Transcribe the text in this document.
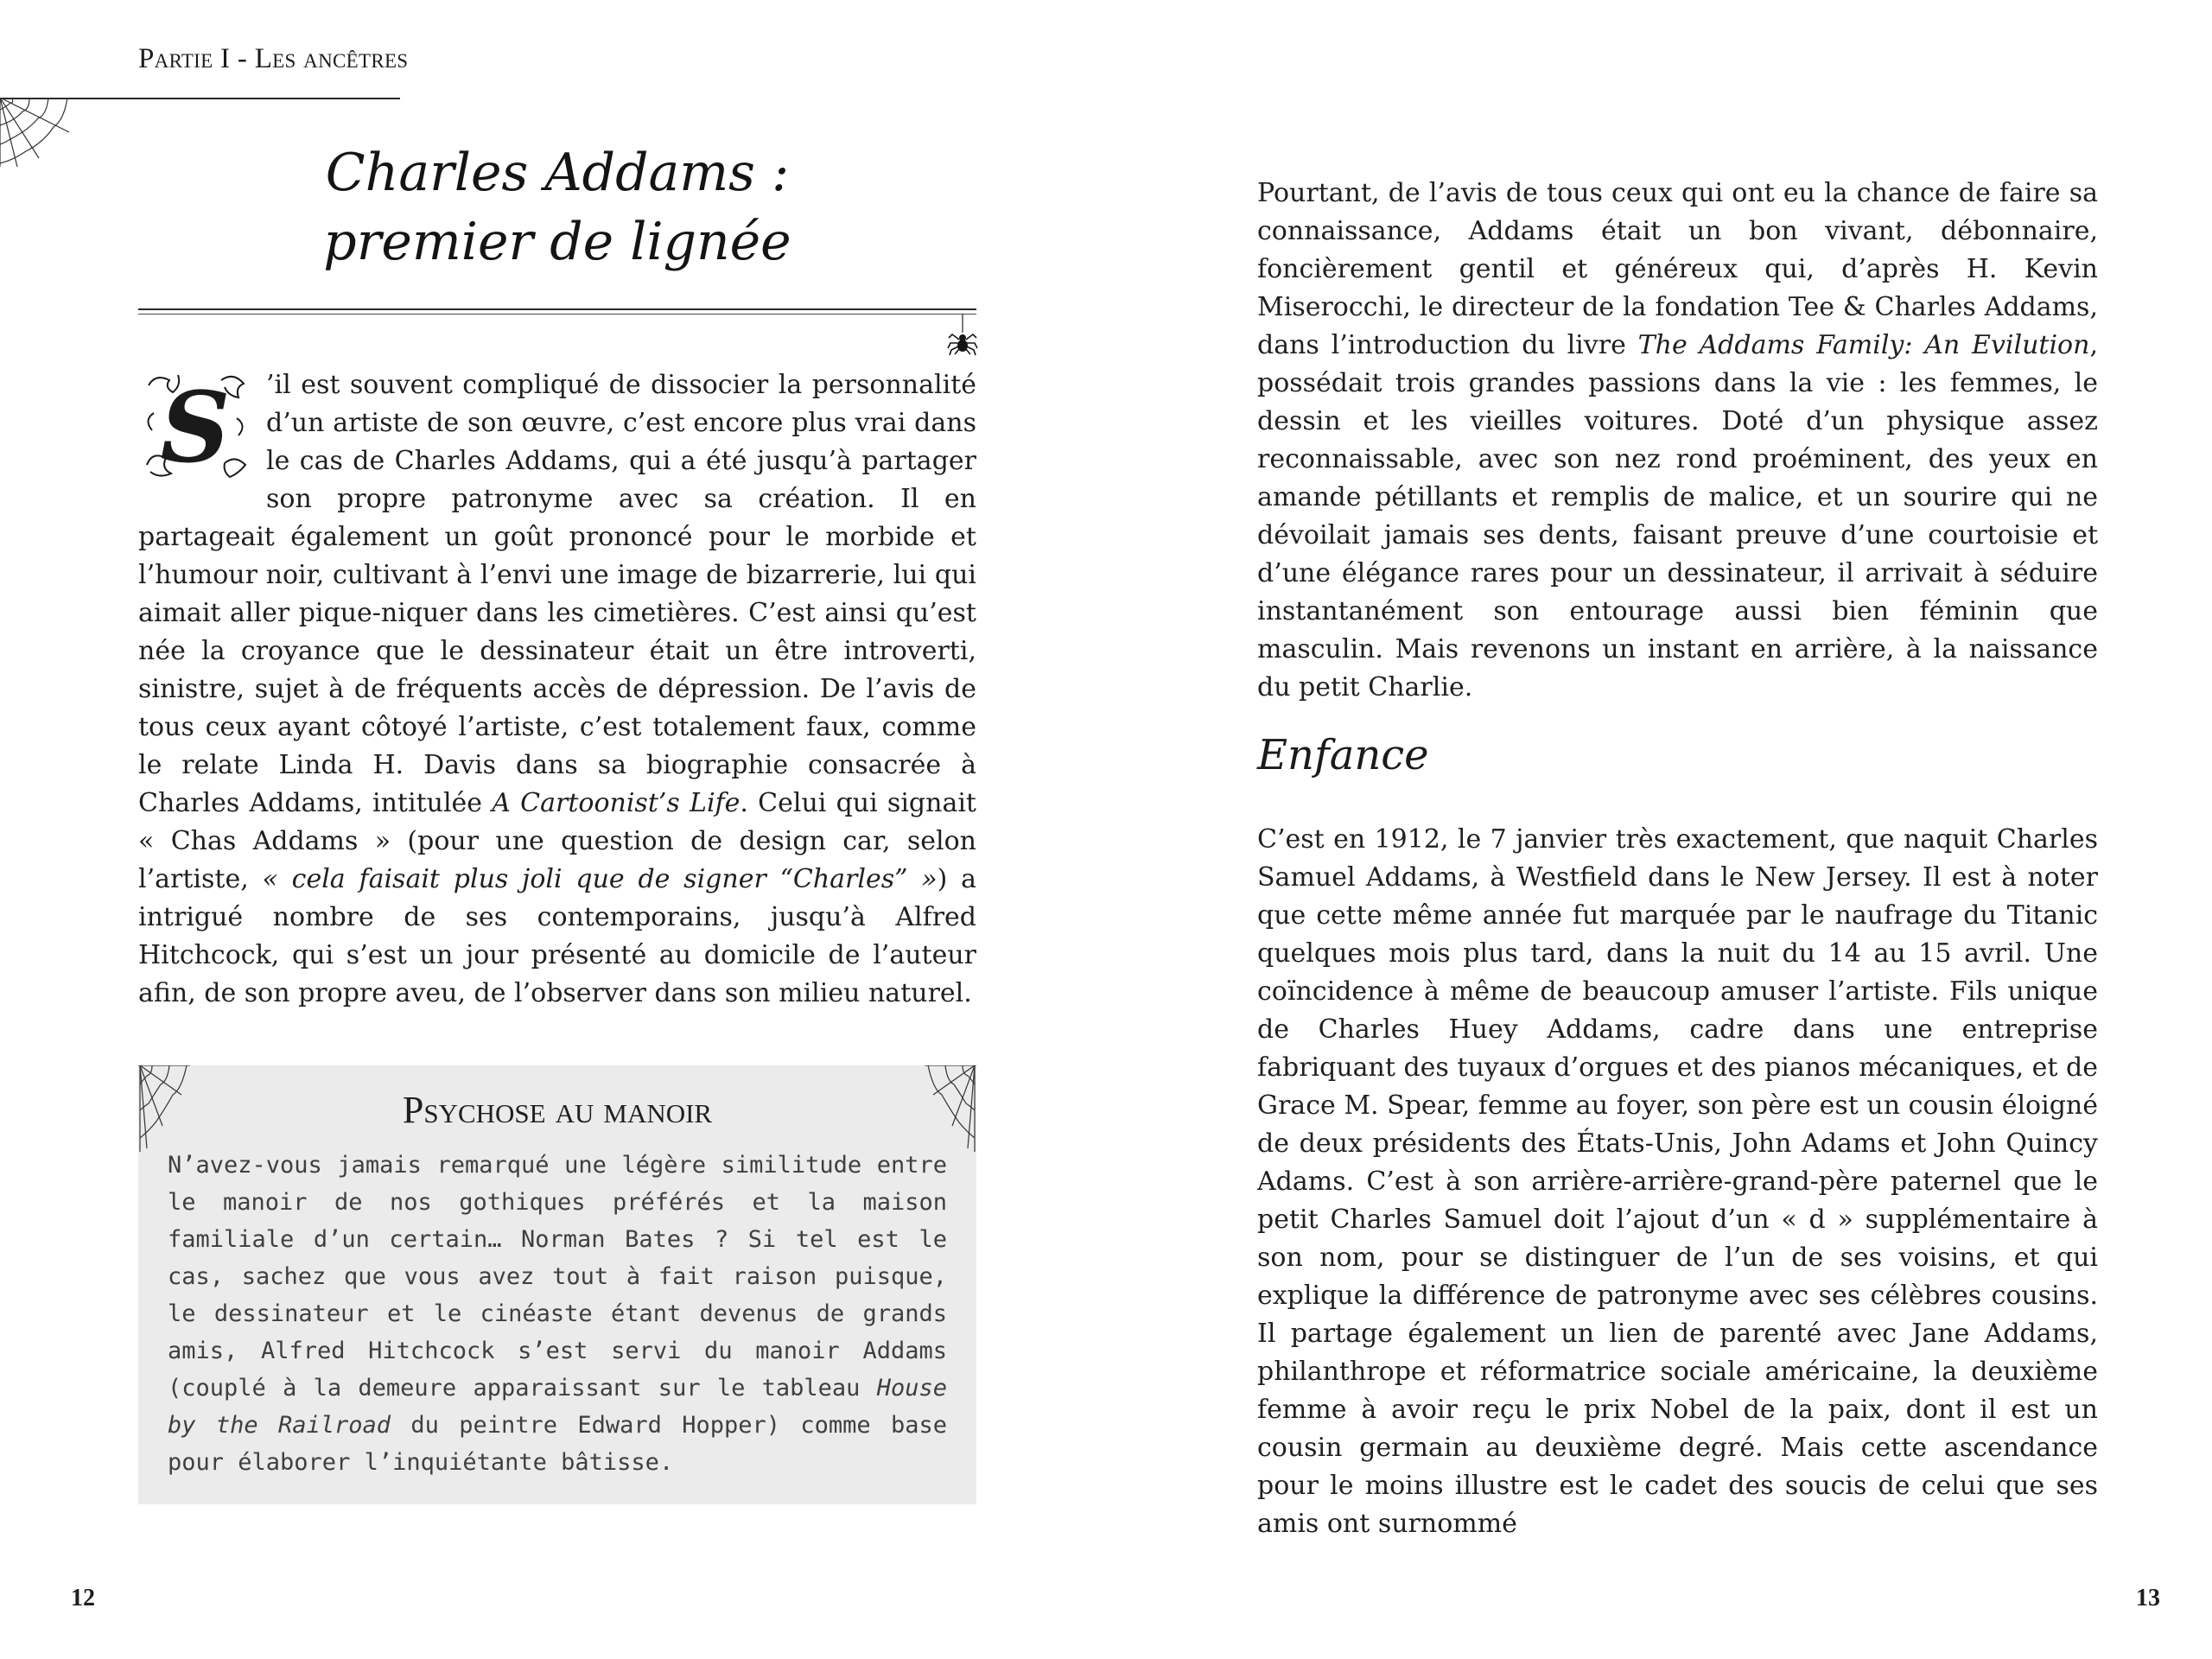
Partie I - Les ancêtres
Charles Addams :
premier de lignée
S ’il est souvent compliqué de dissocier la personnalité d’un artiste de son œuvre, c’est encore plus vrai dans le cas de Charles Addams, qui a été jusqu’à partager son propre patronyme avec sa création. Il en partageait également un goût prononcé pour le morbide et l’humour noir, cultivant à l’envi une image de bizarrerie, lui qui aimait aller pique-niquer dans les cimetières. C’est ainsi qu’est née la croyance que le dessinateur était un être introverti, sinistre, sujet à de fréquents accès de dépression. De l’avis de tous ceux ayant côtoyé l’artiste, c’est totalement faux, comme le relate Linda H. Davis dans sa biographie consacrée à Charles Addams, intitulée A Cartoonist’s Life. Celui qui signait « Chas Addams » (pour une question de design car, selon l’artiste, « cela faisait plus joli que de signer “Charles” ») a intrigué nombre de ses contemporains, jusqu’à Alfred Hitchcock, qui s’est un jour présenté au domicile de l’auteur afin, de son propre aveu, de l’observer dans son milieu naturel.
Psychose au manoir
N’avez-vous jamais remarqué une légère similitude entre le manoir de nos gothiques préférés et la maison familiale d’un certain… Norman Bates ? Si tel est le cas, sachez que vous avez tout à fait raison puisque, le dessinateur et le cinéaste étant devenus de grands amis, Alfred Hitchcock s’est servi du manoir Addams (couplé à la demeure apparaissant sur le tableau House by the Railroad du peintre Edward Hopper) comme base pour élaborer l’inquiétante bâtisse.
12
Pourtant, de l’avis de tous ceux qui ont eu la chance de faire sa connaissance, Addams était un bon vivant, débonnaire, foncièrement gentil et généreux qui, d’après H. Kevin Miserocchi, le directeur de la fondation Tee & Charles Addams, dans l’introduction du livre The Addams Family: An Evilution, possédait trois grandes passions dans la vie : les femmes, le dessin et les vieilles voitures. Doté d’un physique assez reconnaissable, avec son nez rond proéminent, des yeux en amande pétillants et remplis de malice, et un sourire qui ne dévoilait jamais ses dents, faisant preuve d’une courtoisie et d’une élégance rares pour un dessinateur, il arrivait à séduire instantanément son entourage aussi bien féminin que masculin. Mais revenons un instant en arrière, à la naissance du petit Charlie.
Enfance
C’est en 1912, le 7 janvier très exactement, que naquit Charles Samuel Addams, à Westfield dans le New Jersey. Il est à noter que cette même année fut marquée par le naufrage du Titanic quelques mois plus tard, dans la nuit du 14 au 15 avril. Une coïncidence à même de beaucoup amuser l’artiste. Fils unique de Charles Huey Addams, cadre dans une entreprise fabriquant des tuyaux d’orgues et des pianos mécaniques, et de Grace M. Spear, femme au foyer, son père est un cousin éloigné de deux présidents des États-Unis, John Adams et John Quincy Adams. C’est à son arrière-arrière-grand-père paternel que le petit Charles Samuel doit l’ajout d’un « d » supplémentaire à son nom, pour se distinguer de l’un de ses voisins, et qui explique la différence de patronyme avec ses célèbres cousins. Il partage également un lien de parenté avec Jane Addams, philanthrope et réformatrice sociale américaine, la deuxième femme à avoir reçu le prix Nobel de la paix, dont il est un cousin germain au deuxième degré. Mais cette ascendance pour le moins illustre est le cadet des soucis de celui que ses amis ont surnommé
13
